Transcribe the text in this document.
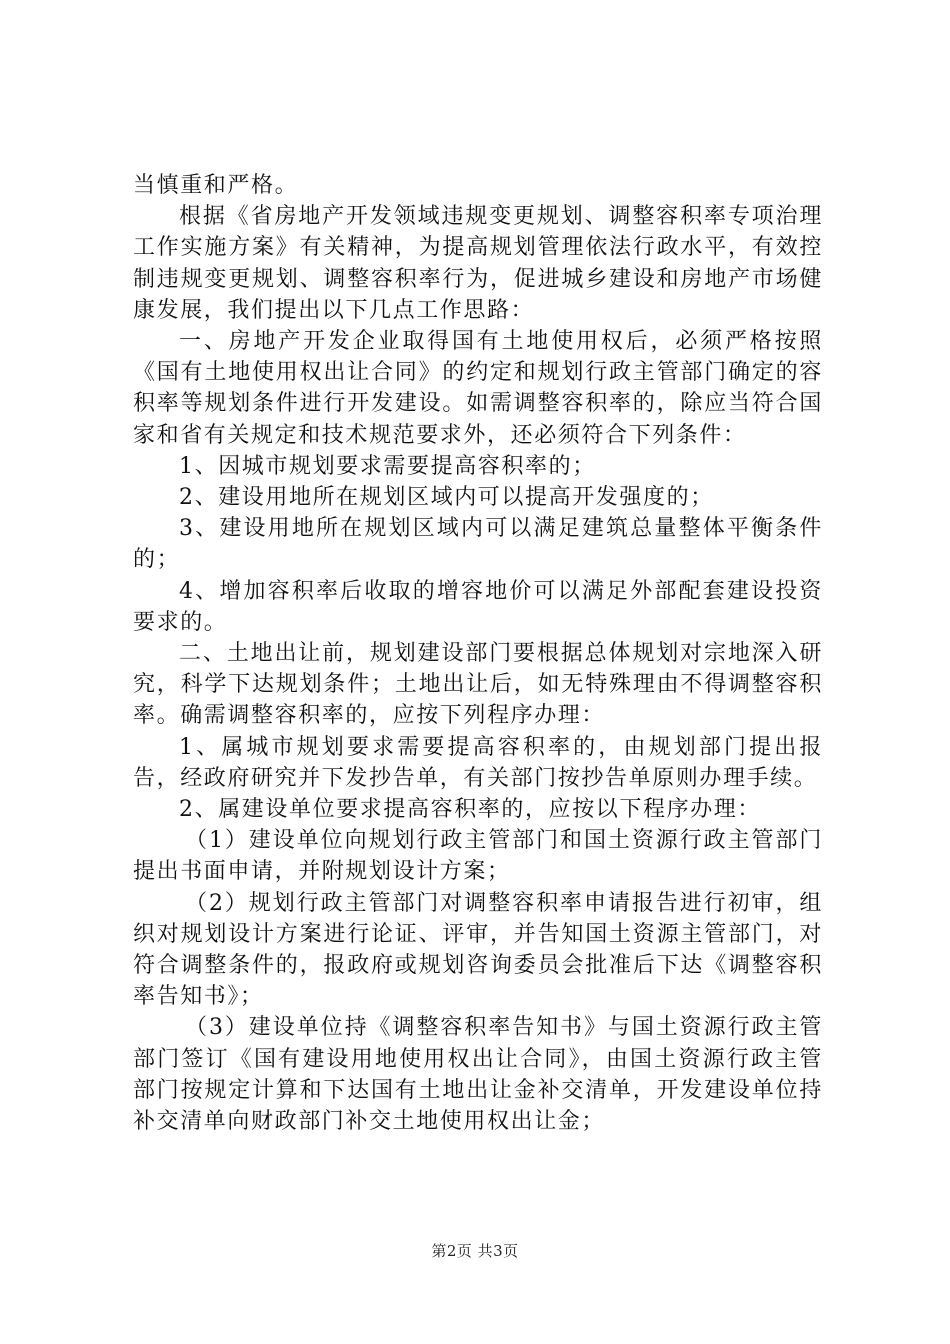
当慎重和严格。

根据《省房地产开发领域违规变更规划、调整容积率专项治理工作实施方案》有关精神，为提高规划管理依法行政水平，有效控制违规变更规划、调整容积率行为，促进城乡建设和房地产市场健康发展，我们提出以下几点工作思路：

一、房地产开发企业取得国有土地使用权后，必须严格按照《国有土地使用权出让合同》的约定和规划行政主管部门确定的容积率等规划条件进行开发建设。如需调整容积率的，除应当符合国家和省有关规定和技术规范要求外，还必须符合下列条件：

1、因城市规划要求需要提高容积率的；

2、建设用地所在规划区域内可以提高开发强度的；

3、建设用地所在规划区域内可以满足建筑总量整体平衡条件的；

4、增加容积率后收取的增容地价可以满足外部配套建设投资要求的。

二、土地出让前，规划建设部门要根据总体规划对宗地深入研究，科学下达规划条件；土地出让后，如无特殊理由不得调整容积率。确需调整容积率的，应按下列程序办理：

1、属城市规划要求需要提高容积率的，由规划部门提出报告，经政府研究并下发抄告单，有关部门按抄告单原则办理手续。

2、属建设单位要求提高容积率的，应按以下程序办理：

（1）建设单位向规划行政主管部门和国土资源行政主管部门提出书面申请，并附规划设计方案；

（2）规划行政主管部门对调整容积率申请报告进行初审，组织对规划设计方案进行论证、评审，并告知国土资源主管部门，对符合调整条件的，报政府或规划咨询委员会批准后下达《调整容积率告知书》；

（3）建设单位持《调整容积率告知书》与国土资源行政主管部门签订《国有建设用地使用权出让合同》，由国土资源行政主管部门按规定计算和下达国有土地出让金补交清单，开发建设单位持补交清单向财政部门补交土地使用权出让金；

第2页 共3页
